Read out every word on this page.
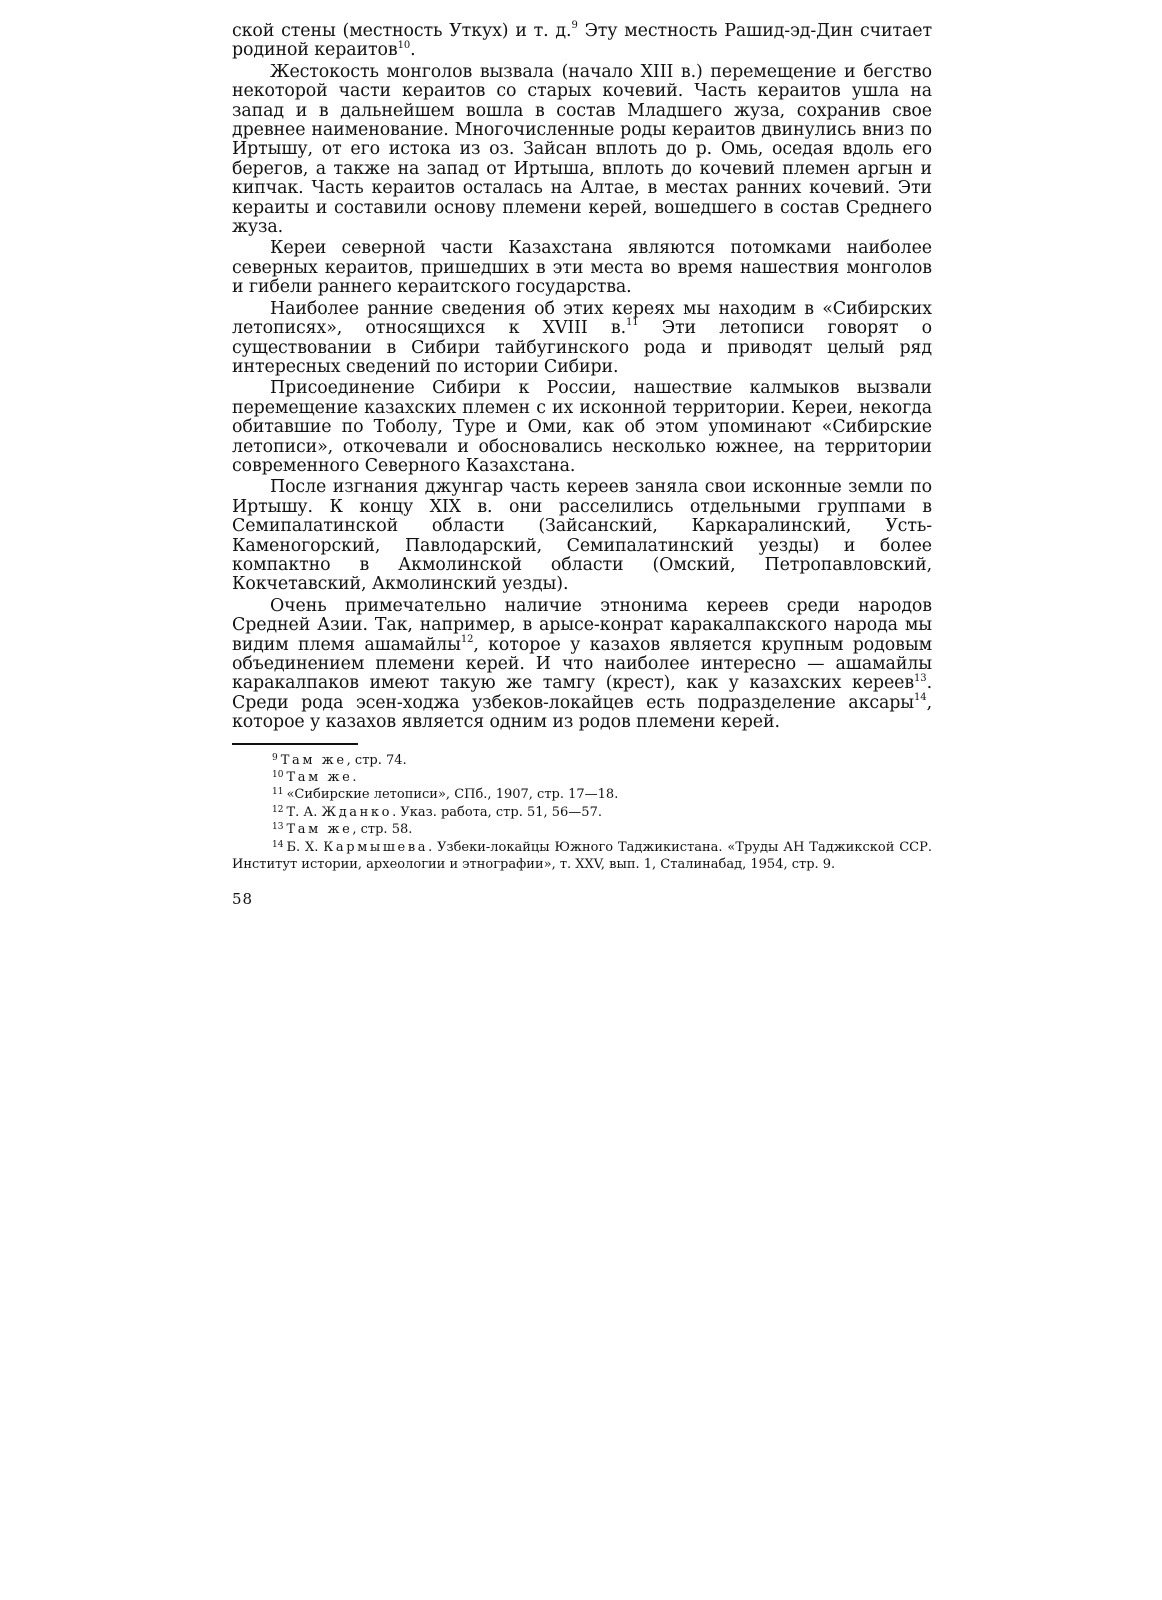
ской стены (местность Уткух) и т. д.$^9$ Эту местность Рашид-эд-Дин считает родиной кераитов$^{10}$.

Жестокость монголов вызвала (начало XIII в.) перемещение и бегство некоторой части кераитов со старых кочевий. Часть кераитов ушла на запад и в дальнейшем вошла в состав Младшего жуза, сохранив свое древнее наименование. Многочисленные роды кераитов двинулись вниз по Иртышу, от его истока из оз. Зайсан вплоть до р. Омь, оседая вдоль его берегов, а также на запад от Иртыша, вплоть до кочевий племен аргын и кипчак. Часть кераитов осталась на Алтае, в местах ранних кочевий. Эти кераиты и составили основу племени керей, вошедшего в состав Среднего жуза.

Кереи северной части Казахстана являются потомками наиболее северных кераитов, пришедших в эти места во время нашествия монголов и гибели раннего кераитского государства.

Наиболее ранние сведения об этих кереях мы находим в «Сибирских летописях», относящихся к XVIII в.$^{11}$ Эти летописи говорят о существовании в Сибири тайбугинского рода и приводят целый ряд интересных сведений по истории Сибири.

Присоединение Сибири к России, нашествие калмыков вызвали перемещение казахских племен с их исконной территории. Кереи, некогда обитавшие по Тоболу, Туре и Оми, как об этом упоминают «Сибирские летописи», откочевали и обосновались несколько южнее, на территории современного Северного Казахстана.

После изгнания джунгар часть кереев заняла свои исконные земли по Иртышу. К концу XIX в. они расселились отдельными группами в Семипалатинской области (Зайсанский, Каркаралинский, Усть-Каменогорский, Павлодарский, Семипалатинский уезды) и более компактно в Акмолинской области (Омский, Петропавловский, Кокчетавский, Акмолинский уезды).

Очень примечательно наличие этнонима кереев среди народов Средней Азии. Так, например, в арысе-конрат каракалпакского народа мы видим племя ашамайлы$^{12}$, которое у казахов является крупным родовым объединением племени керей. И что наиболее интересно — ашамайлы каракалпаков имеют такую же тамгу (крест), как у казахских кереев$^{13}$. Среди рода эсен-ходжа узбеков-локайцев есть подразделение аксары$^{14}$, которое у казахов является одним из родов племени керей.

$^9$ Там же, стр. 74.

$^{10}$ Там же.

$^{11}$ «Сибирские летописи», СПб., 1907, стр. 17—18.

$^{12}$ Т. А. Жданко. Указ. работа, стр. 51, 56—57.

$^{13}$ Там же, стр. 58.

$^{14}$ Б. Х. Кармышева. Узбеки-локайцы Южного Таджикистана. «Труды АН Таджикской ССР. Институт истории, археологии и этнографии», т. XXV, вып. 1, Сталинабад, 1954, стр. 9.

58
